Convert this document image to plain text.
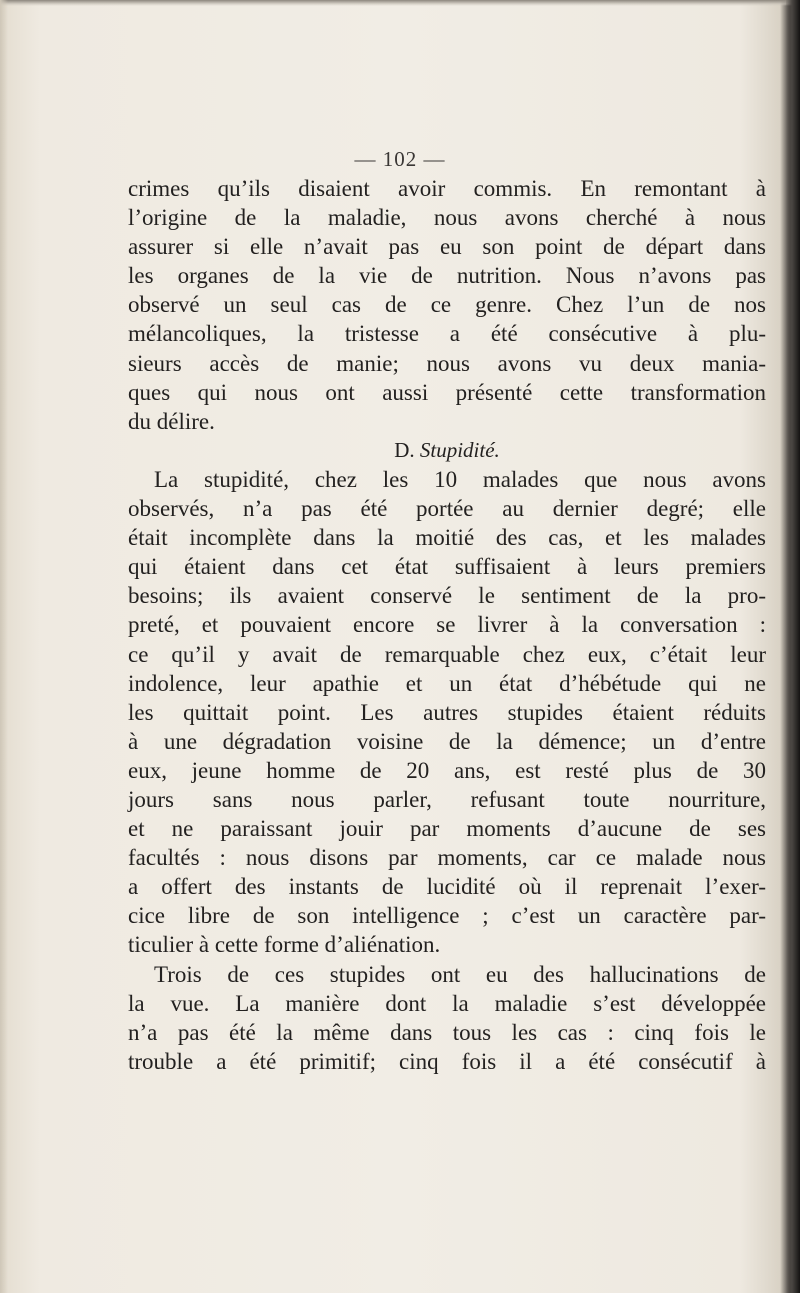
— 102 —
crimes qu’ils disaient avoir commis. En remontant à
l’origine de la maladie, nous avons cherché à nous
assurer si elle n’avait pas eu son point de départ dans
les organes de la vie de nutrition. Nous n’avons pas
observé un seul cas de ce genre. Chez l’un de nos
mélancoliques, la tristesse a été consécutive à plu-
sieurs accès de manie; nous avons vu deux mania-
ques qui nous ont aussi présenté cette transformation
du délire.
D. Stupidité.
La stupidité, chez les 10 malades que nous avons
observés, n’a pas été portée au dernier degré; elle
était incomplète dans la moitié des cas, et les malades
qui étaient dans cet état suffisaient à leurs premiers
besoins; ils avaient conservé le sentiment de la pro-
preté, et pouvaient encore se livrer à la conversation :
ce qu’il y avait de remarquable chez eux, c’était leur
indolence, leur apathie et un état d’hébétude qui ne
les quittait point. Les autres stupides étaient réduits
à une dégradation voisine de la démence; un d’entre
eux, jeune homme de 20 ans, est resté plus de 30
jours sans nous parler, refusant toute nourriture,
et ne paraissant jouir par moments d’aucune de ses
facultés : nous disons par moments, car ce malade nous
a offert des instants de lucidité où il reprenait l’exer-
cice libre de son intelligence ; c’est un caractère par-
ticulier à cette forme d’aliénation.
Trois de ces stupides ont eu des hallucinations de
la vue. La manière dont la maladie s’est développée
n’a pas été la même dans tous les cas : cinq fois le
trouble a été primitif; cinq fois il a été consécutif à
